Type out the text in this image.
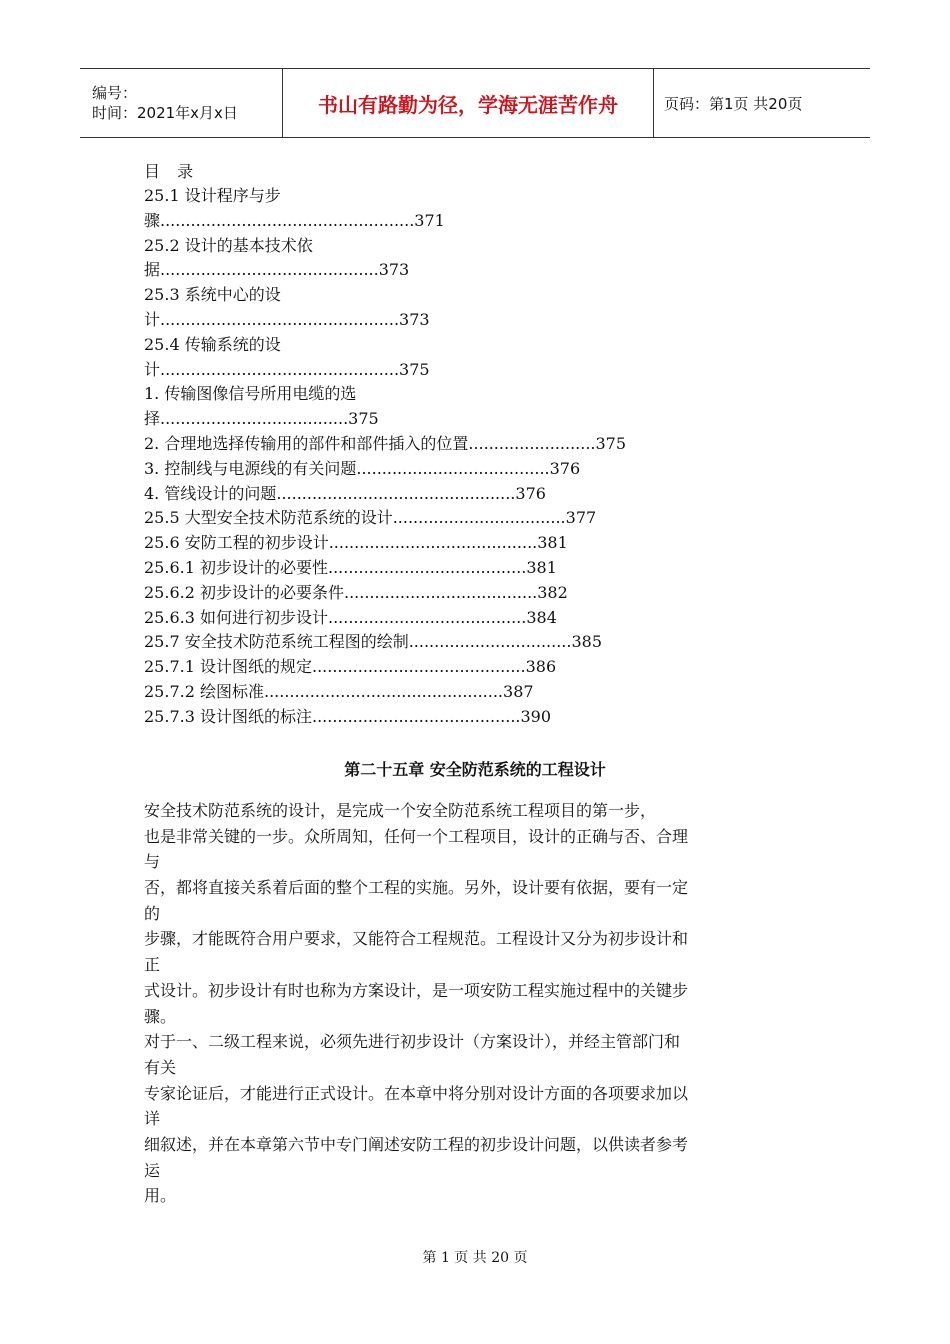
编号：
时间：2021年x月x日	书山有路勤为径，学海无涯苦作舟	页码：第1页 共20页
目 录
25.1 设计程序与步
骤..................................................371
25.2 设计的基本技术依
据...........................................373
25.3 系统中心的设
计...............................................373
25.4 传输系统的设
计...............................................375
1. 传输图像信号所用电缆的选
择.....................................375
2. 合理地选择传输用的部件和部件插入的位置.........................375
3. 控制线与电源线的有关问题......................................376
4. 管线设计的问题...............................................376
25.5 大型安全技术防范系统的设计..................................377
25.6 安防工程的初步设计.........................................381
25.6.1 初步设计的必要性.......................................381
25.6.2 初步设计的必要条件......................................382
25.6.3 如何进行初步设计.......................................384
25.7 安全技术防范系统工程图的绘制................................385
25.7.1 设计图纸的规定..........................................386
25.7.2 绘图标准...............................................387
25.7.3 设计图纸的标注.........................................390
第二十五章 安全防范系统的工程设计
安全技术防范系统的设计，是完成一个安全防范系统工程项目的第一步，
也是非常关键的一步。众所周知，任何一个工程项目，设计的正确与否、合理
与
否，都将直接关系着后面的整个工程的实施。另外，设计要有依据，要有一定
的
步骤，才能既符合用户要求，又能符合工程规范。工程设计又分为初步设计和
正
式设计。初步设计有时也称为方案设计，是一项安防工程实施过程中的关键步
骤。
对于一、二级工程来说，必须先进行初步设计（方案设计），并经主管部门和
有关
专家论证后，才能进行正式设计。在本章中将分别对设计方面的各项要求加以
详
细叙述，并在本章第六节中专门阐述安防工程的初步设计问题，以供读者参考
运
用。
第 1 页 共 20 页
